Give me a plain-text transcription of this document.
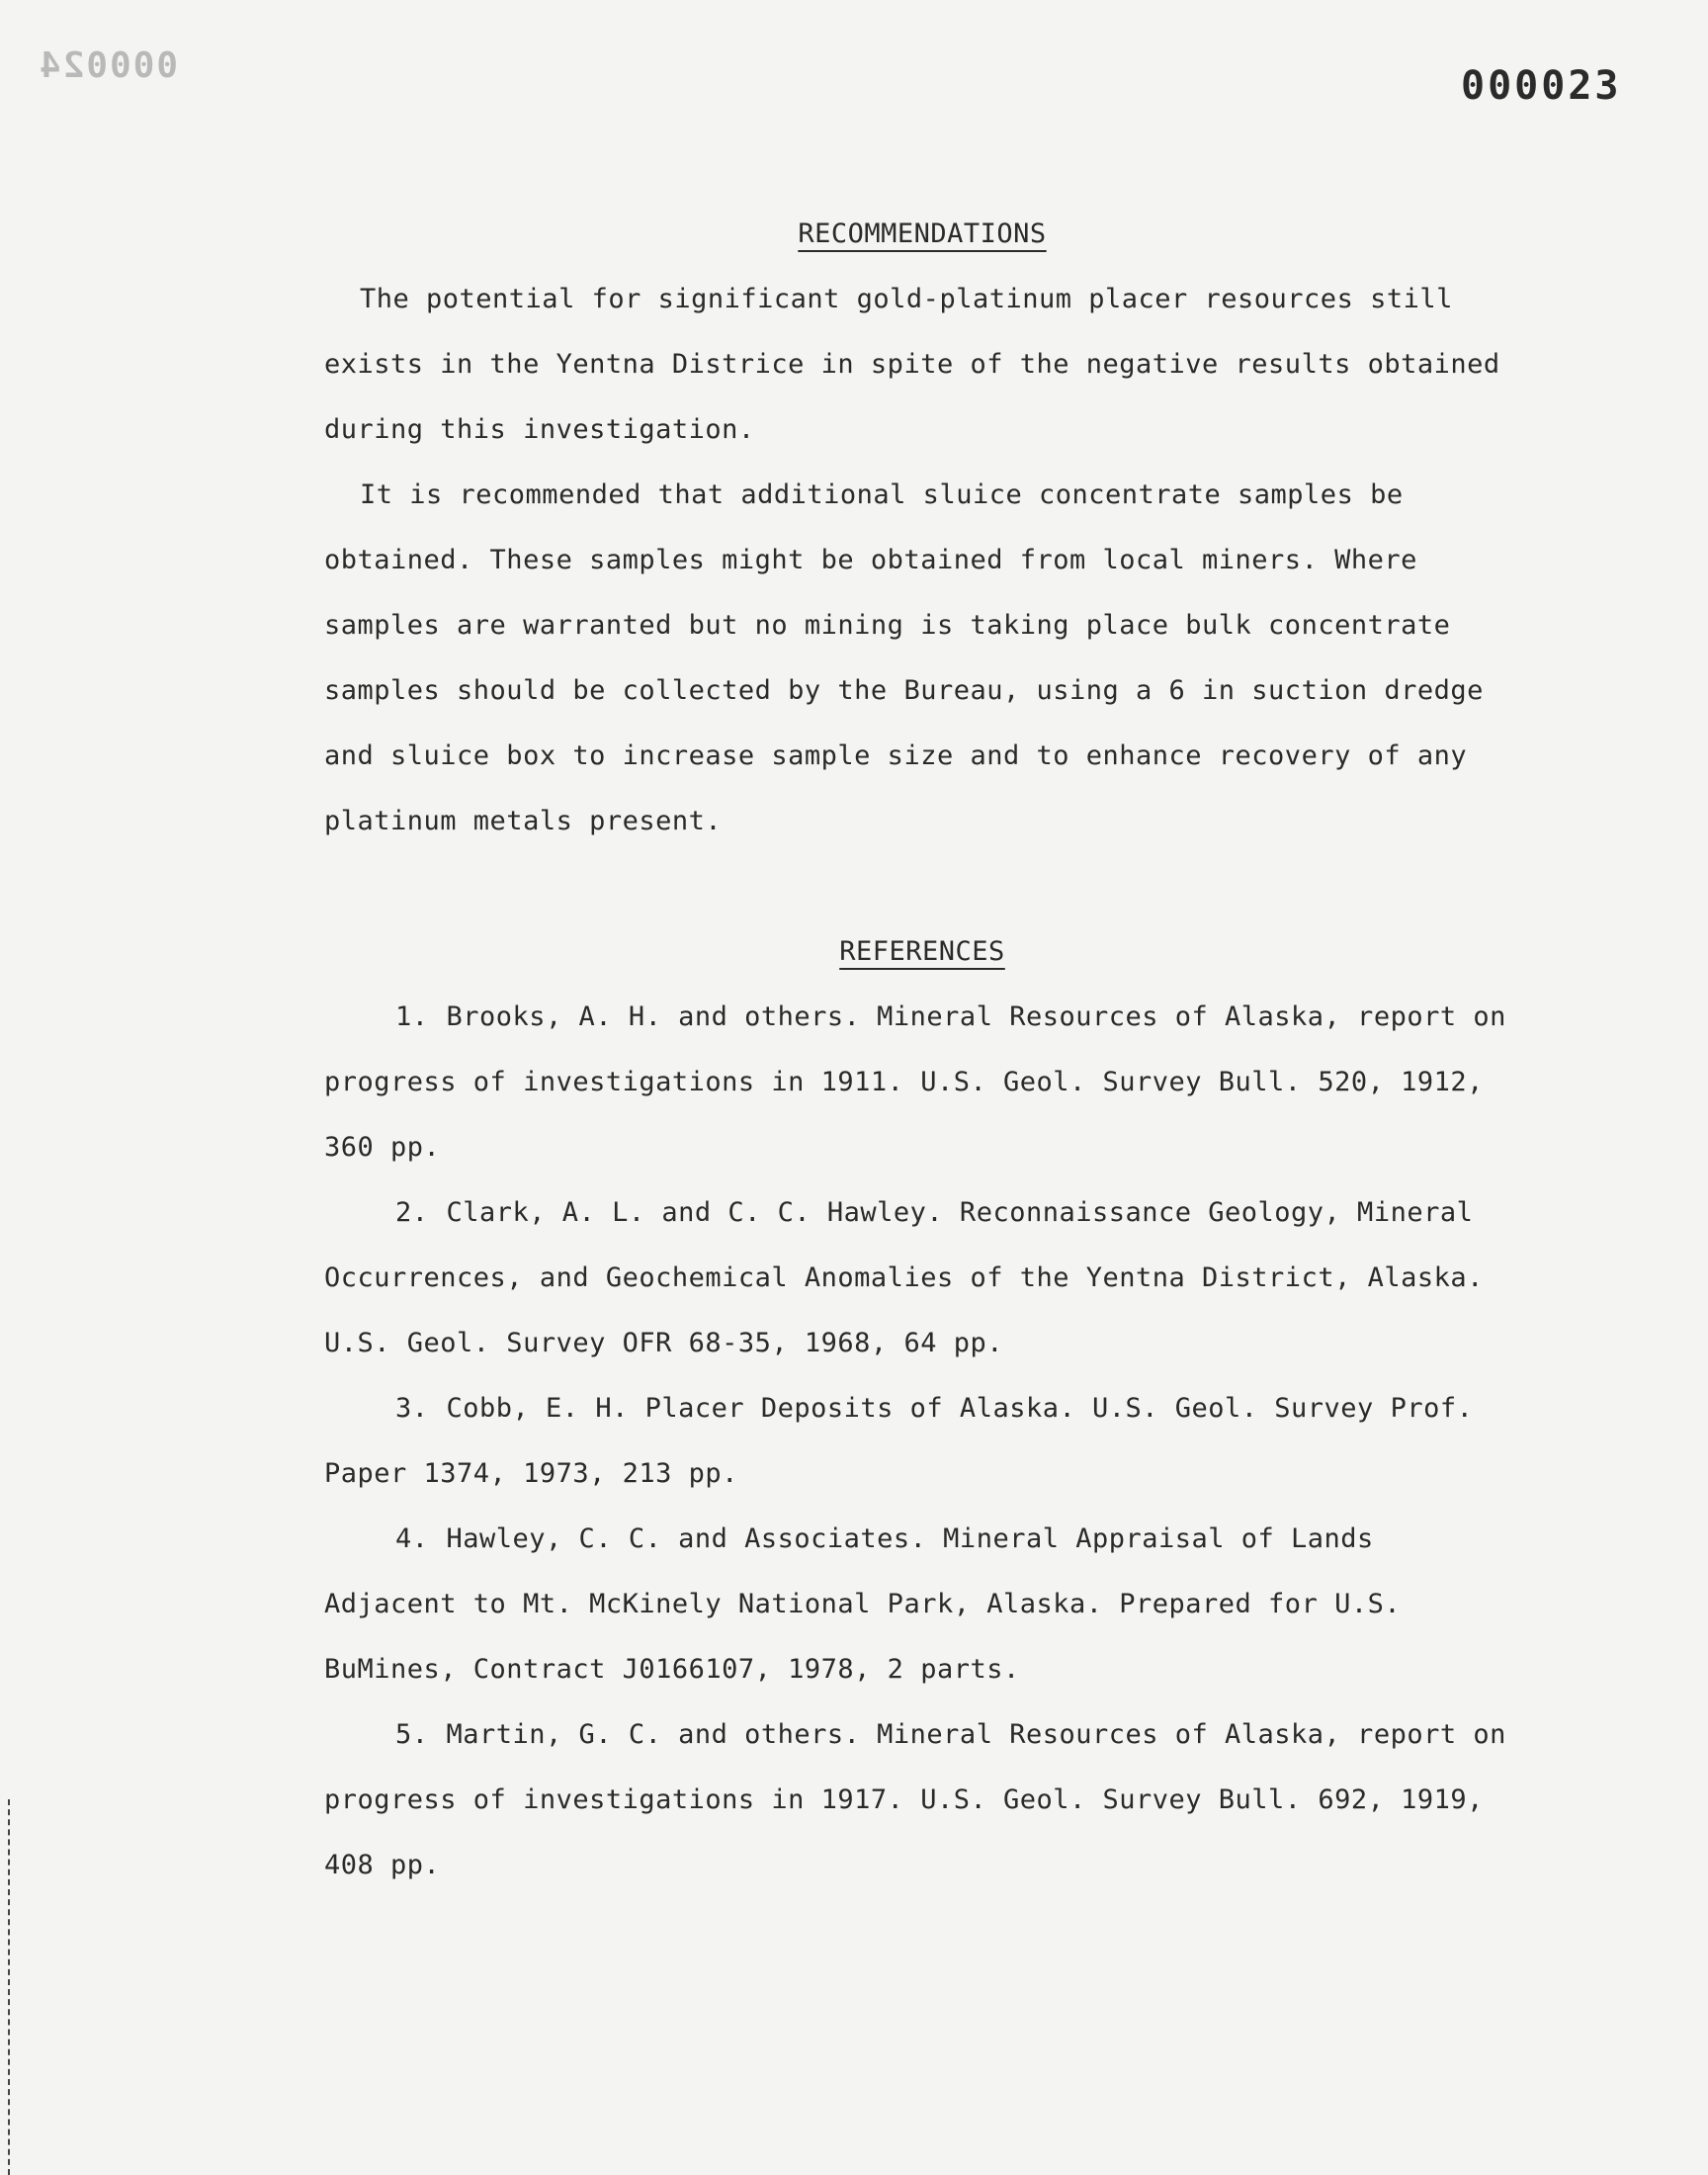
000024	000023
RECOMMENDATIONS

The potential for significant gold-platinum placer resources still exists in the Yentna Districe in spite of the negative results obtained during this investigation.

It is recommended that additional sluice concentrate samples be obtained. These samples might be obtained from local miners. Where samples are warranted but no mining is taking place bulk concentrate samples should be collected by the Bureau, using a 6 in suction dredge and sluice box to increase sample size and to enhance recovery of any platinum metals present.

REFERENCES
1. Brooks, A. H. and others. Mineral Resources of Alaska, report on progress of investigations in 1911. U.S. Geol. Survey Bull. 520, 1912, 360 pp.
2. Clark, A. L. and C. C. Hawley. Reconnaissance Geology, Mineral Occurrences, and Geochemical Anomalies of the Yentna District, Alaska. U.S. Geol. Survey OFR 68-35, 1968, 64 pp.
3. Cobb, E. H. Placer Deposits of Alaska. U.S. Geol. Survey Prof. Paper 1374, 1973, 213 pp.
4. Hawley, C. C. and Associates. Mineral Appraisal of Lands Adjacent to Mt. McKinely National Park, Alaska. Prepared for U.S. BuMines, Contract J0166107, 1978, 2 parts.
5. Martin, G. C. and others. Mineral Resources of Alaska, report on progress of investigations in 1917. U.S. Geol. Survey Bull. 692, 1919, 408 pp.
